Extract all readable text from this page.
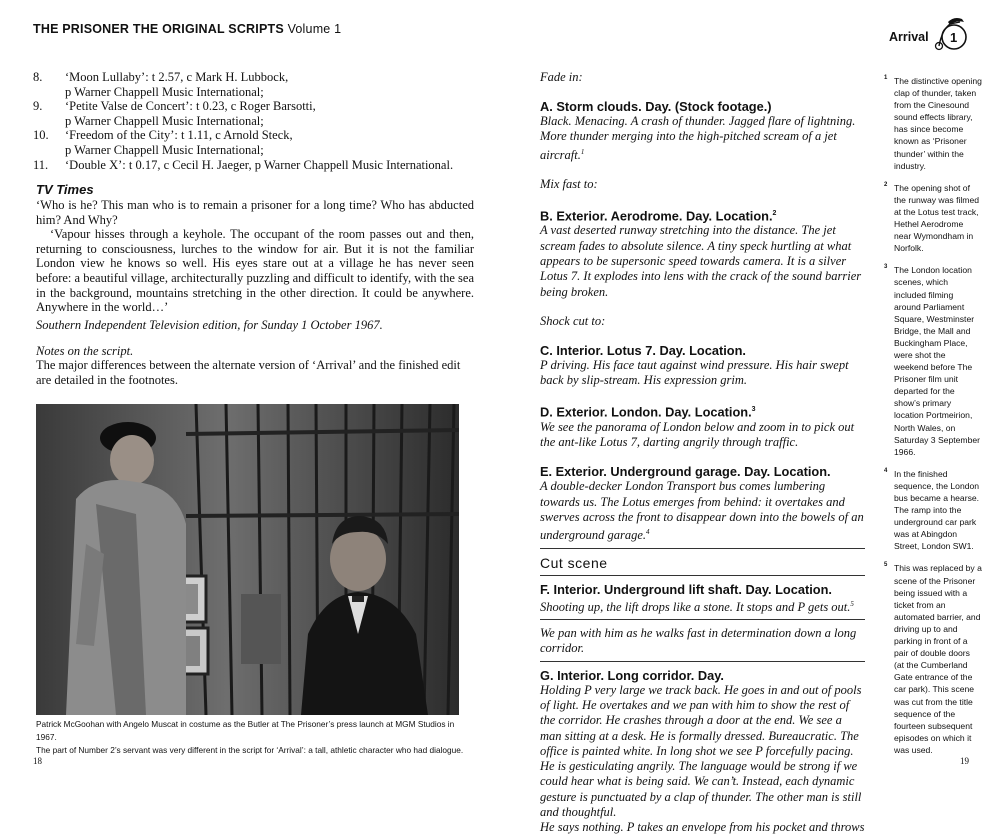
THE PRISONER THE ORIGINAL SCRIPTS Volume 1
8.	‘Moon Lullaby’: t 2.57, c Mark H. Lubbock,
p Warner Chappell Music International;
9.	‘Petite Valse de Concert’: t 0.23, c Roger Barsotti,
p Warner Chappell Music International;
10.	‘Freedom of the City’: t 1.11, c Arnold Steck,
p Warner Chappell Music International;
11.	‘Double X’: t 0.17, c Cecil H. Jaeger, p Warner Chappell Music International.
TV Times

‘Who is he? This man who is to remain a prisoner for a long time? Who has abducted him? And Why?

‘Vapour hisses through a keyhole. The occupant of the room passes out and then, returning to consciousness, lurches to the window for air. But it is not the familiar London view he knows so well. His eyes stare out at a village he has never seen before: a beautiful village, architecturally puzzling and difficult to identify, with the sea in the background, mountains stretching in the other direction. It could be anywhere. Anywhere in the world…’

Southern Independent Television edition, for Sunday 1 October 1967.
Notes on the script.
The major differences between the alternate version of ‘Arrival’ and the finished edit are detailed in the footnotes.
Patrick McGoohan with Angelo Muscat in costume as the Butler at The Prisoner’s press launch at MGM Studios in 1967.
The part of Number 2’s servant was very different in the script for ‘Arrival’: a tall, athletic character who had dialogue.
18
Arrival 1

Fade in:

A. Storm clouds. Day. (Stock footage.)

Black. Menacing. A crash of thunder. Jagged flare of lightning. More thunder merging into the high-pitched scream of a jet aircraft.$^1$

Mix fast to:

B. Exterior. Aerodrome. Day. Location.$^2$

A vast deserted runway stretching into the distance. The jet scream fades to absolute silence. A tiny speck hurtling at what appears to be supersonic speed towards camera. It is a silver Lotus 7. It explodes into lens with the crack of the sound barrier being broken.

Shock cut to:

C. Interior. Lotus 7. Day. Location.

P driving. His face taut against wind pressure. His hair swept back by slip-stream. His expression grim.

D. Exterior. London. Day. Location.$^3$

We see the panorama of London below and zoom in to pick out the ant-like Lotus 7, darting angrily through traffic.

E. Exterior. Underground garage. Day. Location.

A double-decker London Transport bus comes lumbering towards us. The Lotus emerges from behind: it overtakes and swerves across the front to disappear down into the bowels of an underground garage.$^4$

Cut scene

F. Interior. Underground lift shaft. Day. Location.

Shooting up, the lift drops like a stone. It stops and P gets out.$^5$

We pan with him as he walks fast in determination down a long corridor.

G. Interior. Long corridor. Day.

Holding P very large we track back. He goes in and out of pools of light. He overtakes and we pan with him to show the rest of the corridor. He crashes through a door at the end. We see a man sitting at a desk. He is formally dressed. Bureaucratic. The office is painted white. In long shot we see P forcefully pacing. He is gesticulating angrily. The language would be strong if we could hear what is being said. We can’t. Instead, each dynamic gesture is punctuated by a clap of thunder. The other man is still and thoughtful.

He says nothing. P takes an envelope from his pocket and throws

1 The distinctive opening clap of thunder, taken from the Cinesound sound effects library, has since become known as ‘Prisoner thunder’ within the industry.
2 The opening shot of the runway was filmed at the Lotus test track, Hethel Aerodrome near Wymondham in Norfolk.
3 The London location scenes, which included filming around Parliament Square, Westminster Bridge, the Mall and Buckingham Place, were shot the weekend before The Prisoner film unit departed for the show’s primary location Portmeirion, North Wales, on Saturday 3 September 1966.
4 In the finished sequence, the London bus became a hearse. The ramp into the underground car park was at Abingdon Street, London SW1.
5 This was replaced by a scene of the Prisoner being issued with a ticket from an automated barrier, and driving up to and parking in front of a pair of double doors (at the Cumberland Gate entrance of the car park). This scene was cut from the title sequence of the fourteen subsequent episodes on which it was used.
19
